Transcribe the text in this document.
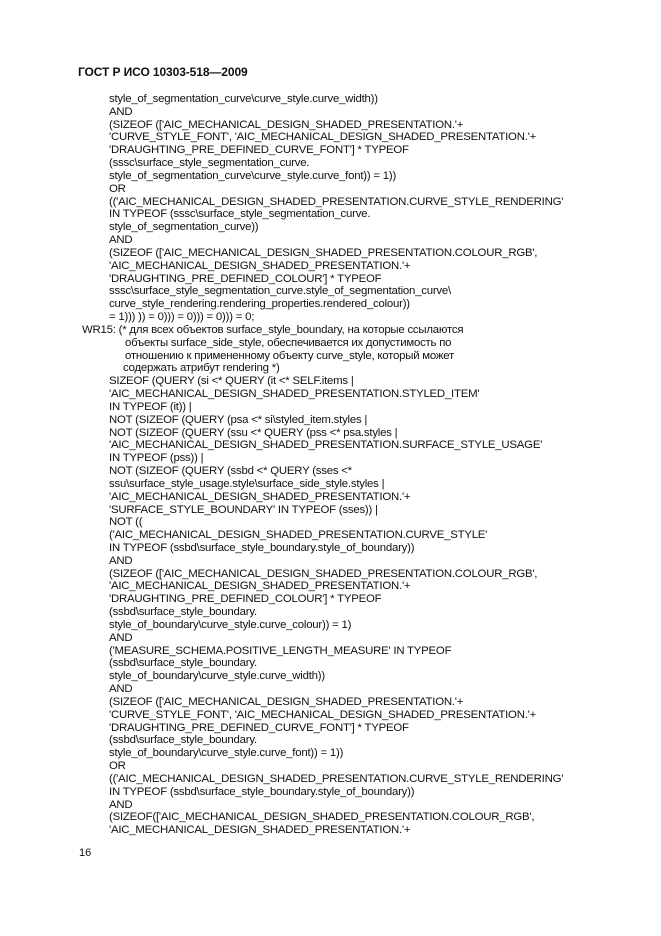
ГОСТ Р ИСО 10303-518—2009
style_of_segmentation_curve\curve_style.curve_width))
AND
(SIZEOF (['AIC_MECHANICAL_DESIGN_SHADED_PRESENTATION.'+
'CURVE_STYLE_FONT', 'AIC_MECHANICAL_DESIGN_SHADED_PRESENTATION.'+
'DRAUGHTING_PRE_DEFINED_CURVE_FONT'] * TYPEOF
(sssc\surface_style_segmentation_curve.
style_of_segmentation_curve\curve_style.curve_font)) = 1))
OR
(('AIC_MECHANICAL_DESIGN_SHADED_PRESENTATION.CURVE_STYLE_RENDERING'
IN TYPEOF (sssc\surface_style_segmentation_curve.
style_of_segmentation_curve))
AND
(SIZEOF (['AIC_MECHANICAL_DESIGN_SHADED_PRESENTATION.COLOUR_RGB',
'AIC_MECHANICAL_DESIGN_SHADED_PRESENTATION.'+
'DRAUGHTING_PRE_DEFINED_COLOUR'] * TYPEOF
sssc\surface_style_segmentation_curve.style_of_segmentation_curve\
curve_style_rendering.rendering_properties.rendered_colour))
= 1))) )) = 0))) = 0))) = 0))) = 0;
WR15: (* для всех объектов surface_style_boundary, на которые ссылаются
объекты surface_side_style, обеспечивается их допустимость по
отношению к примененному объекту curve_style, который может
содержать атрибут rendering *)
SIZEOF (QUERY (si <* QUERY (it <* SELF.items |
'AIC_MECHANICAL_DESIGN_SHADED_PRESENTATION.STYLED_ITEM'
IN TYPEOF (it)) |
NOT (SIZEOF (QUERY (psa <* si\styled_item.styles |
NOT (SIZEOF (QUERY (ssu <* QUERY (pss <* psa.styles |
'AIC_MECHANICAL_DESIGN_SHADED_PRESENTATION.SURFACE_STYLE_USAGE'
IN TYPEOF (pss)) |
NOT (SIZEOF (QUERY (ssbd <* QUERY (sses <*
ssu\surface_style_usage.style\surface_side_style.styles |
'AIC_MECHANICAL_DESIGN_SHADED_PRESENTATION.'+
'SURFACE_STYLE_BOUNDARY' IN TYPEOF (sses)) |
NOT ((
('AIC_MECHANICAL_DESIGN_SHADED_PRESENTATION.CURVE_STYLE'
IN TYPEOF (ssbd\surface_style_boundary.style_of_boundary))
AND
(SIZEOF (['AIC_MECHANICAL_DESIGN_SHADED_PRESENTATION.COLOUR_RGB',
'AIC_MECHANICAL_DESIGN_SHADED_PRESENTATION.'+
'DRAUGHTING_PRE_DEFINED_COLOUR'] * TYPEOF
(ssbd\surface_style_boundary.
style_of_boundary\curve_style.curve_colour)) = 1)
AND
('MEASURE_SCHEMA.POSITIVE_LENGTH_MEASURE' IN TYPEOF
(ssbd\surface_style_boundary.
style_of_boundary\curve_style.curve_width))
AND
(SIZEOF (['AIC_MECHANICAL_DESIGN_SHADED_PRESENTATION.'+
'CURVE_STYLE_FONT', 'AIC_MECHANICAL_DESIGN_SHADED_PRESENTATION.'+
'DRAUGHTING_PRE_DEFINED_CURVE_FONT'] * TYPEOF
(ssbd\surface_style_boundary.
style_of_boundary\curve_style.curve_font)) = 1))
OR
(('AIC_MECHANICAL_DESIGN_SHADED_PRESENTATION.CURVE_STYLE_RENDERING'
IN TYPEOF (ssbd\surface_style_boundary.style_of_boundary))
AND
(SIZEOF(['AIC_MECHANICAL_DESIGN_SHADED_PRESENTATION.COLOUR_RGB',
'AIC_MECHANICAL_DESIGN_SHADED_PRESENTATION.'+
16
